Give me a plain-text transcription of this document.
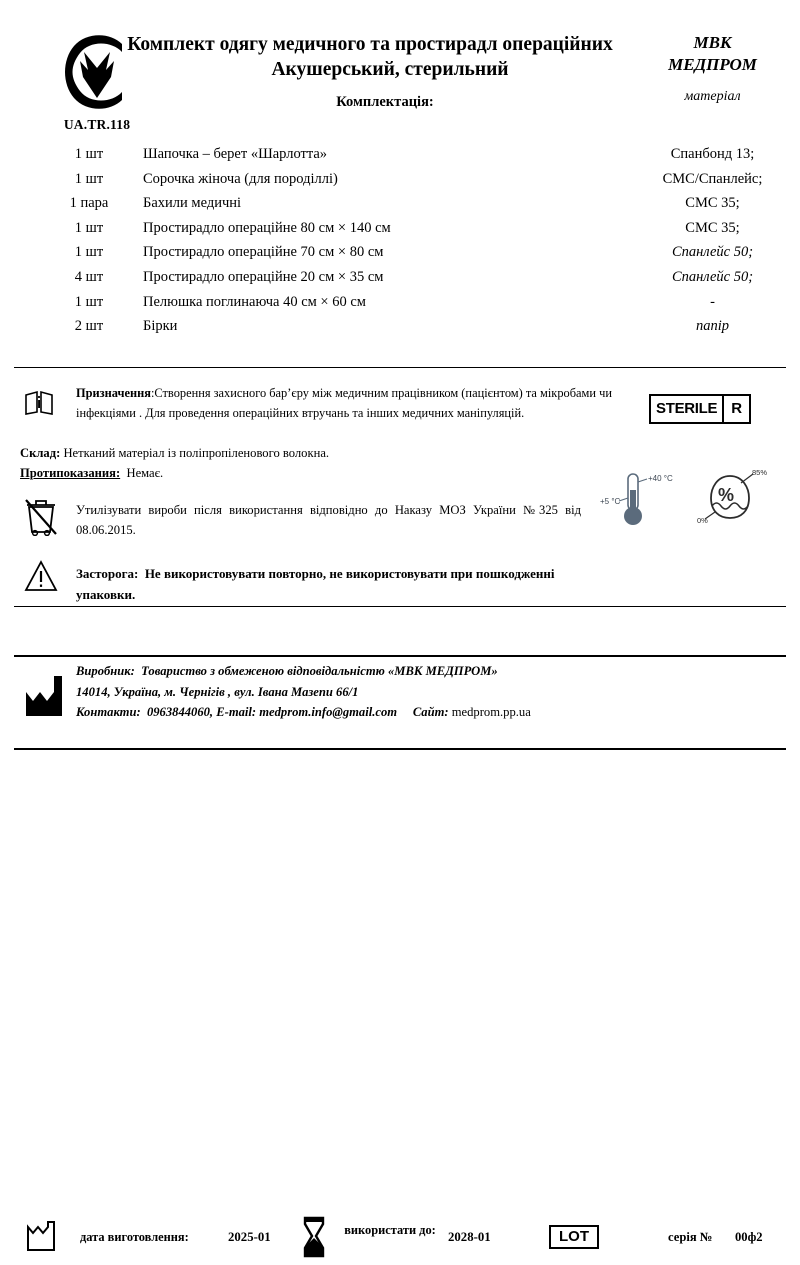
UA.TR.118
Комплект одягу медичного та простирадл операційних
Акушерський, стерильний
Комплектація:
МВК
МЕДПРОМ
матеріал
1 шт	Шапочка – берет «Шарлотта»	Спанбонд 13;
1 шт	Сорочка жіноча (для породіллі)	СМС/Спанлейс;
1 пара	Бахили медичні	СМС 35;
1 шт	Простирадло операційне 80 см × 140 см	СМС 35;
1 шт	Простирадло операційне 70 см × 80 см	Спанлейс 50;
4 шт	Простирадло операційне 20 см × 35 см	Спанлейс 50;
1 шт	Пелюшка поглинаюча 40 см × 60 см	-
2 шт	Бірки	папір
Призначення:Створення захисного бар’єру між медичним працівником (пацієнтом) та мікробами чи інфекціями . Для проведення операційних втручань та інших медичних маніпуляцій.
Склад: Нетканий матеріал із поліпропіленового волокна.
Протипоказания: Немає.
STERILE R
Утилізувати вироби після використання відповідно до Наказу МОЗ України №325 від 08.06.2015.
Засторога: Не використовувати повторно, не використовувати при пошкодженні упаковки.
+40 °C
+5 °C	%
85%
0%
дата виготовлення:	2025-01	використати до: 2028-01	LOT	серія № 00ф2
Виробник: Товариство з обмеженою відповідальністю «МВК МЕДПРОМ»
14014, Україна, м. Чернігів , вул. Івана Мазепи 66/1
Контакти: 0963844060, E-mail: medprom.info@gmail.com Сайт: medprom.pp.ua
